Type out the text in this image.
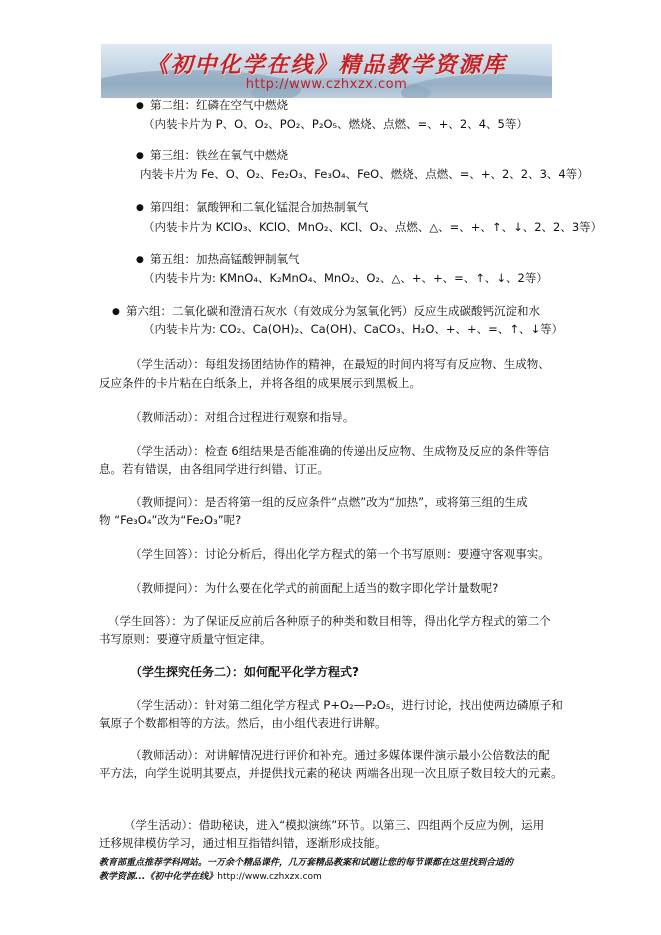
《初中化学在线》精品教学资源库
http://www.czhxzx.com
● 第二组：红磷在空气中燃烧
（内装卡片为 P、O、O₂、PO₂、P₂O₅、燃烧、点燃、=、+、2、4、5等）
● 第三组：铁丝在氧气中燃烧
内装卡片为 Fe、O、O₂、Fe₂O₃、Fe₃O₄、FeO、燃烧、点燃、=、+、2、2、3、4等）
● 第四组：氯酸钾和二氧化锰混合加热制氧气
（内装卡片为 KClO₃、KClO、MnO₂、KCl、O₂、点燃、△、=、+、↑、↓、2、2、3等）
● 第五组：加热高锰酸钾制氧气
（内装卡片为: KMnO₄、K₂MnO₄、MnO₂、O₂、△、+、+、=、↑、↓、2等）
● 第六组：二氧化碳和澄清石灰水（有效成分为氢氧化钙）反应生成碳酸钙沉淀和水
（内装卡片为: CO₂、Ca(OH)₂、Ca(OH)、CaCO₃、H₂O、+、+、=、↑、↓等）
（学生活动）：每组发扬团结协作的精神，在最短的时间内将写有反应物、生成物、
反应条件的卡片粘在白纸条上，并将各组的成果展示到黑板上。
（教师活动）：对组合过程进行观察和指导。
（学生活动）：检查 6组结果是否能准确的传递出反应物、生成物及反应的条件等信
息。若有错误，由各组同学进行纠错、订正。
（教师提问）：是否将第一组的反应条件“点燃”改为“加热”，或将第三组的生成
物 “Fe₃O₄”改为“Fe₂O₃”呢?
（学生回答）：讨论分析后，得出化学方程式的第一个书写原则：要遵守客观事实。
（教师提问）：为什么要在化学式的前面配上适当的数字即化学计量数呢?
（学生回答）：为了保证反应前后各种原子的种类和数目相等，得出化学方程式的第二个
书写原则：要遵守质量守恒定律。
（学生探究任务二）：如何配平化学方程式?
（学生活动）：针对第二组化学方程式 P+O₂—P₂O₅，进行讨论，找出使两边磷原子和
氧原子个数都相等的方法。然后，由小组代表进行讲解。
（教师活动）：对讲解情况进行评价和补充。通过多媒体课件演示最小公倍数法的配
平方法，向学生说明其要点，并提供找元素的秘诀 两端各出现一次且原子数目较大的元素。
（学生活动）：借助秘诀，进入“模拟演练”环节。以第三、四组两个反应为例，运用
迁移规律模仿学习，通过相互指错纠错，逐渐形成技能。
教育部重点推荐学科网站。一万余个精品课件，几万套精品教案和试题让您的每节课都在这里找到合适的
教学资源...《初中化学在线》http://www.czhxzx.com
